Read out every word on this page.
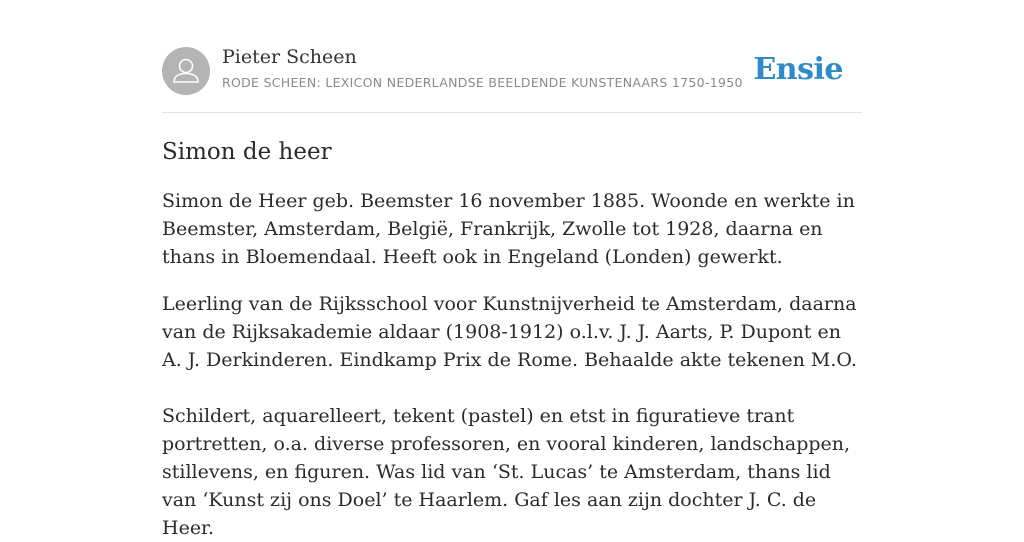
Pieter Scheen
RODE SCHEEN: LEXICON NEDERLANDSE BEELDENDE KUNSTENAARS 1750-1950 Ensie
Simon de heer

Simon de Heer geb. Beemster 16 november 1885. Woonde en werkte in Beemster, Amsterdam, België, Frankrijk, Zwolle tot 1928, daarna en thans in Bloemendaal. Heeft ook in Engeland (Londen) gewerkt.

Leerling van de Rijksschool voor Kunstnijverheid te Amsterdam, daarna van de Rijksakademie aldaar (1908-1912) o.l.v. J. J. Aarts, P. Dupont en A. J. Derkinderen. Eindkamp Prix de Rome. Behaalde akte tekenen M.O.

Schildert, aquarelleert, tekent (pastel) en etst in figuratieve trant portretten, o.a. diverse professoren, en vooral kinderen, landschappen, stillevens, en figuren. Was lid van ‘St. Lucas’ te Amsterdam, thans lid van ‘Kunst zij ons Doel’ te Haarlem. Gaf les aan zijn dochter J. C. de Heer.
